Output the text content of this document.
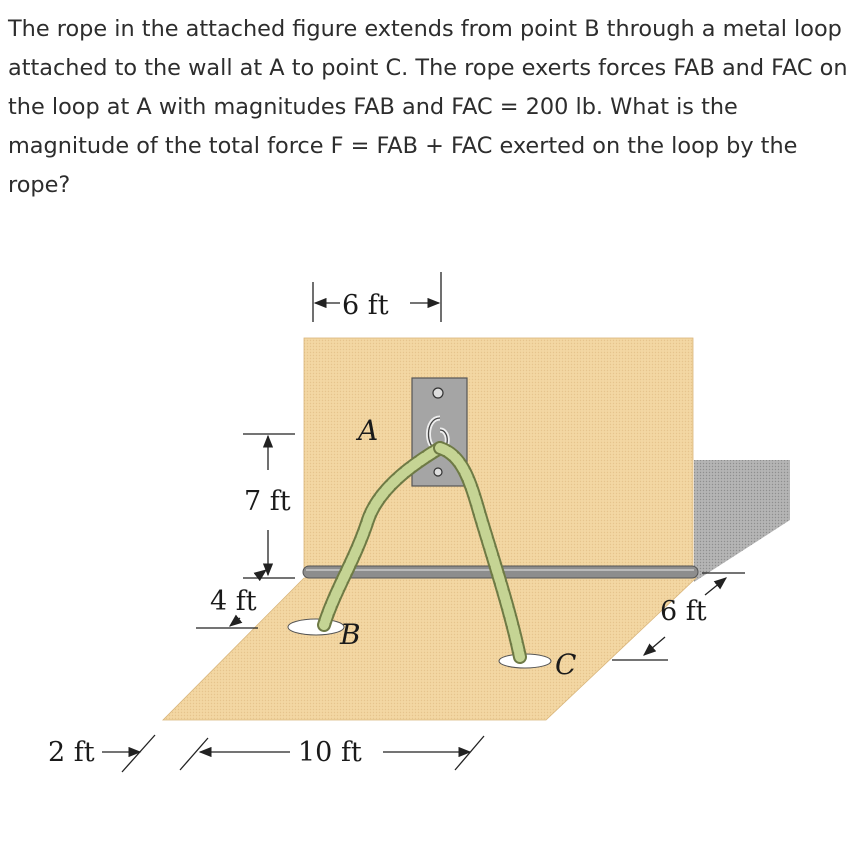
The rope in the attached figure extends from point B through a metal loop attached to the wall at A to point C. The rope exerts forces FAB and FAC on the loop at A with magnitudes FAB and FAC = 200 lb. What is the magnitude of the total force F = FAB + FAC exerted on the loop by the rope?

A
B
C
6 ft
7 ft
4 ft	6 ft
10 ft
2 ft
